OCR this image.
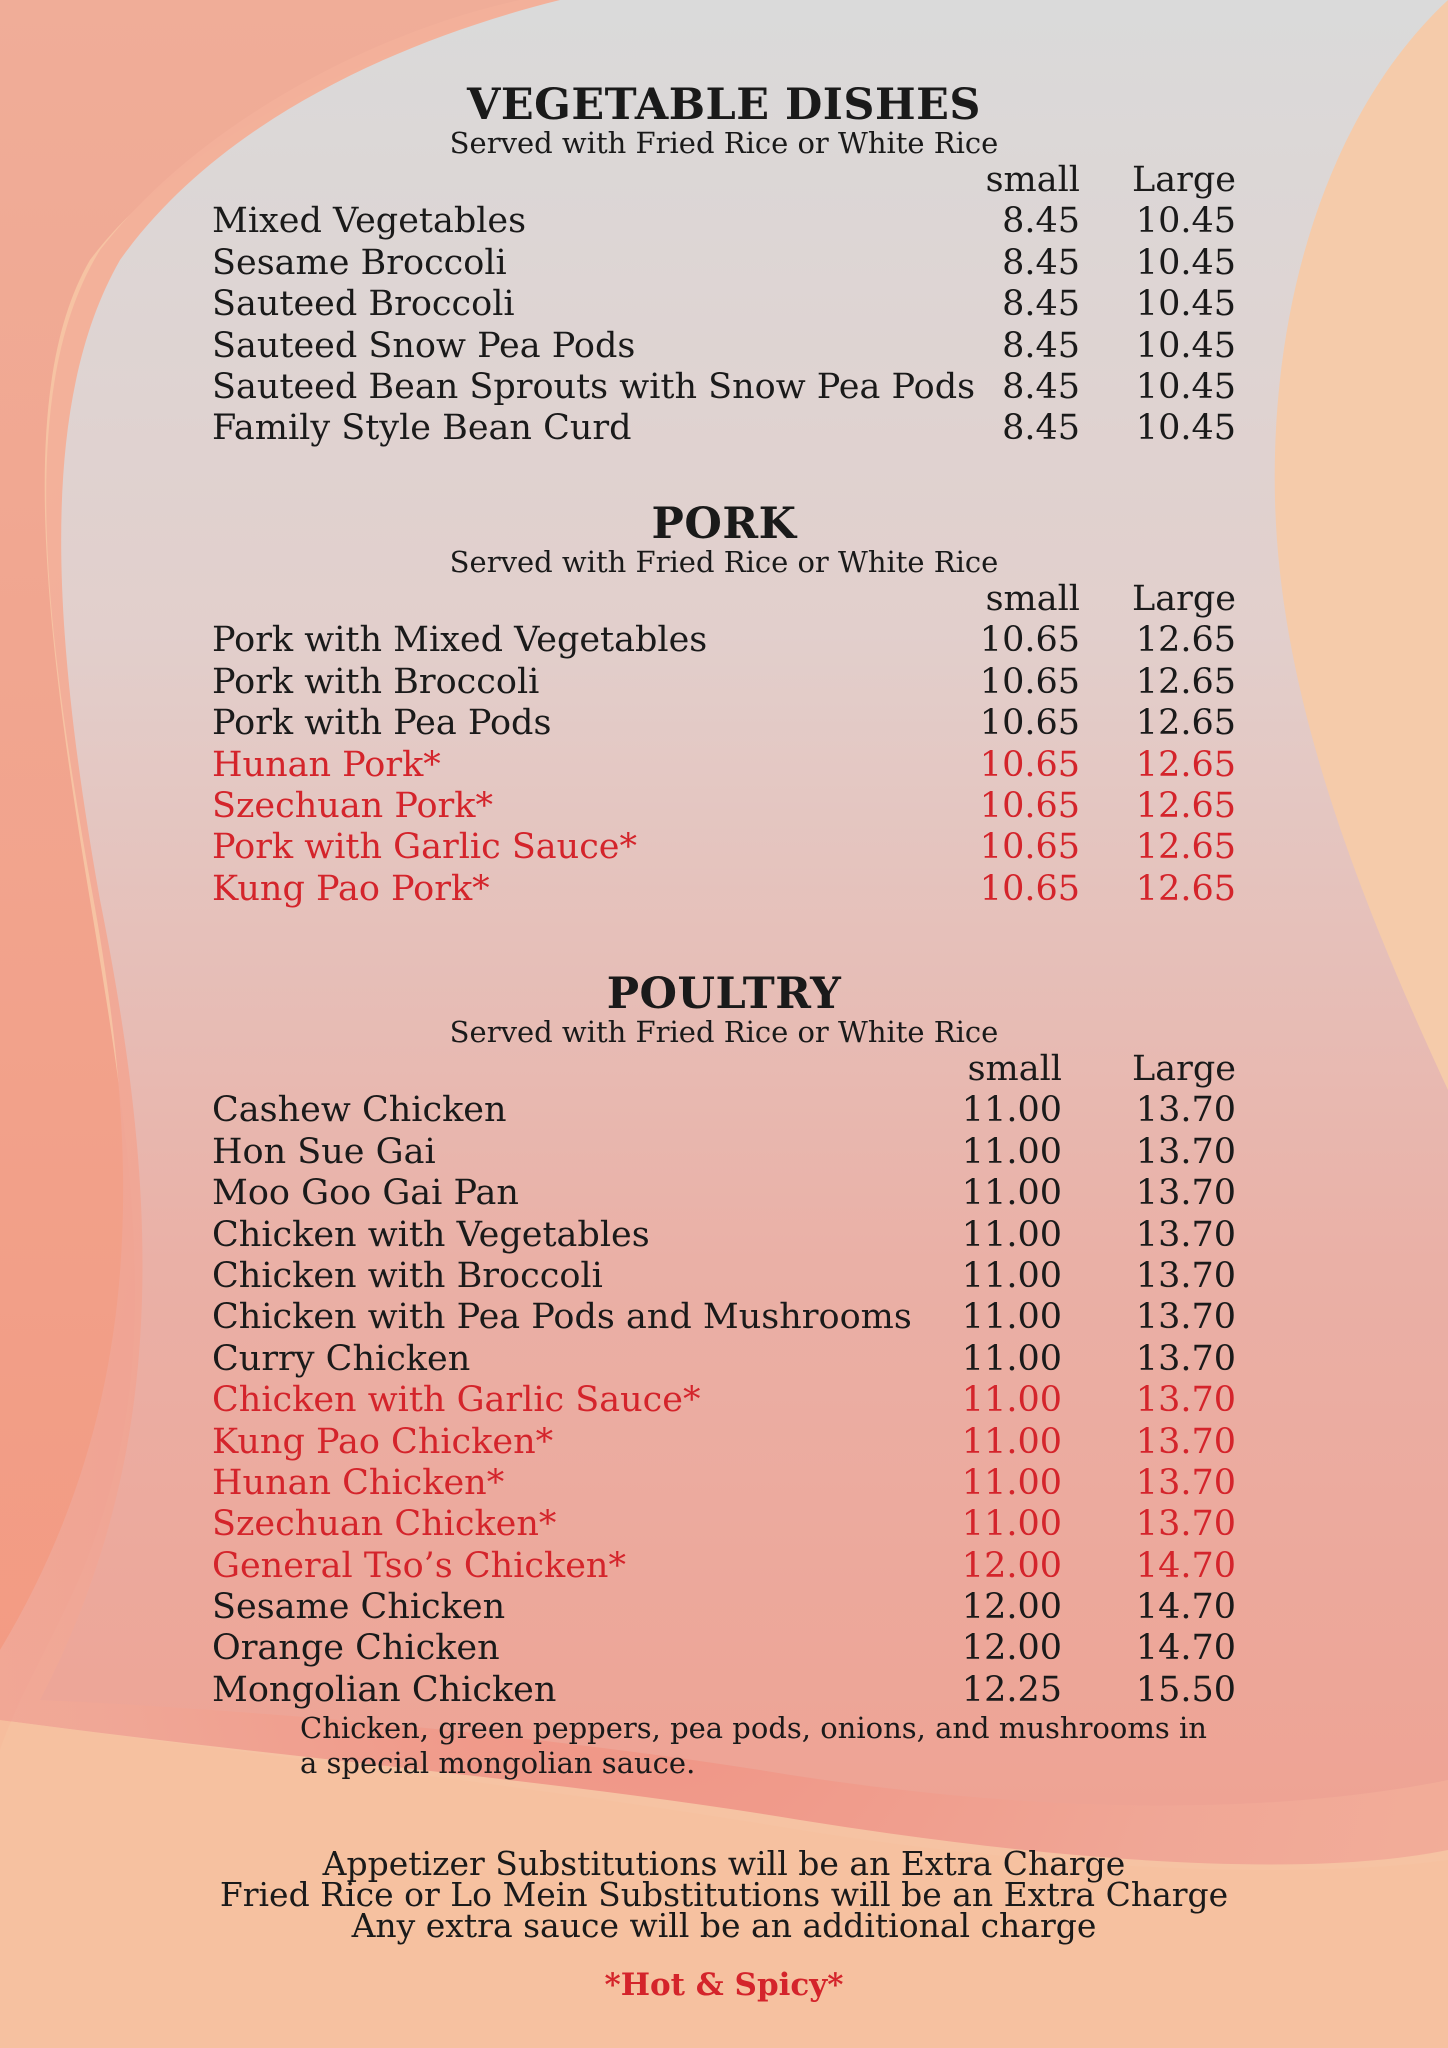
VEGETABLE DISHES
Served with Fried Rice or White Rice
small	Large
Mixed Vegetables	8.45	10.45
Sesame Broccoli	8.45	10.45
Sauteed Broccoli	8.45	10.45
Sauteed Snow Pea Pods	8.45	10.45
Sauteed Bean Sprouts with Snow Pea Pods 8.45	10.45
Family Style Bean Curd	8.45	10.45
PORK
Served with Fried Rice or White Rice
small	Large
Pork with Mixed Vegetables	10.65	12.65
Pork with Broccoli	10.65	12.65
Pork with Pea Pods	10.65	12.65
Hunan Pork*	10.65	12.65
Szechuan Pork*	10.65	12.65
Pork with Garlic Sauce*	10.65	12.65
Kung Pao Pork*	10.65	12.65
POULTRY
Served with Fried Rice or White Rice
small	Large
Cashew Chicken	11.00	13.70
Hon Sue Gai	11.00	13.70
Moo Goo Gai Pan	11.00	13.70
Chicken with Vegetables	11.00	13.70
Chicken with Broccoli	11.00	13.70
Chicken with Pea Pods and Mushrooms	11.00	13.70
Curry Chicken	11.00	13.70
Chicken with Garlic Sauce*	11.00	13.70
Kung Pao Chicken*	11.00	13.70
Hunan Chicken*	11.00	13.70
Szechuan Chicken*	11.00	13.70
General Tso’s Chicken*	12.00	14.70
Sesame Chicken	12.00	14.70
Orange Chicken	12.00	14.70
Mongolian Chicken	12.25	15.50
Chicken, green peppers, pea pods, onions, and mushrooms in a special mongolian sauce.
Appetizer Substitutions will be an Extra Charge
Fried Rice or Lo Mein Substitutions will be an Extra Charge
Any extra sauce will be an additional charge
*Hot & Spicy*
